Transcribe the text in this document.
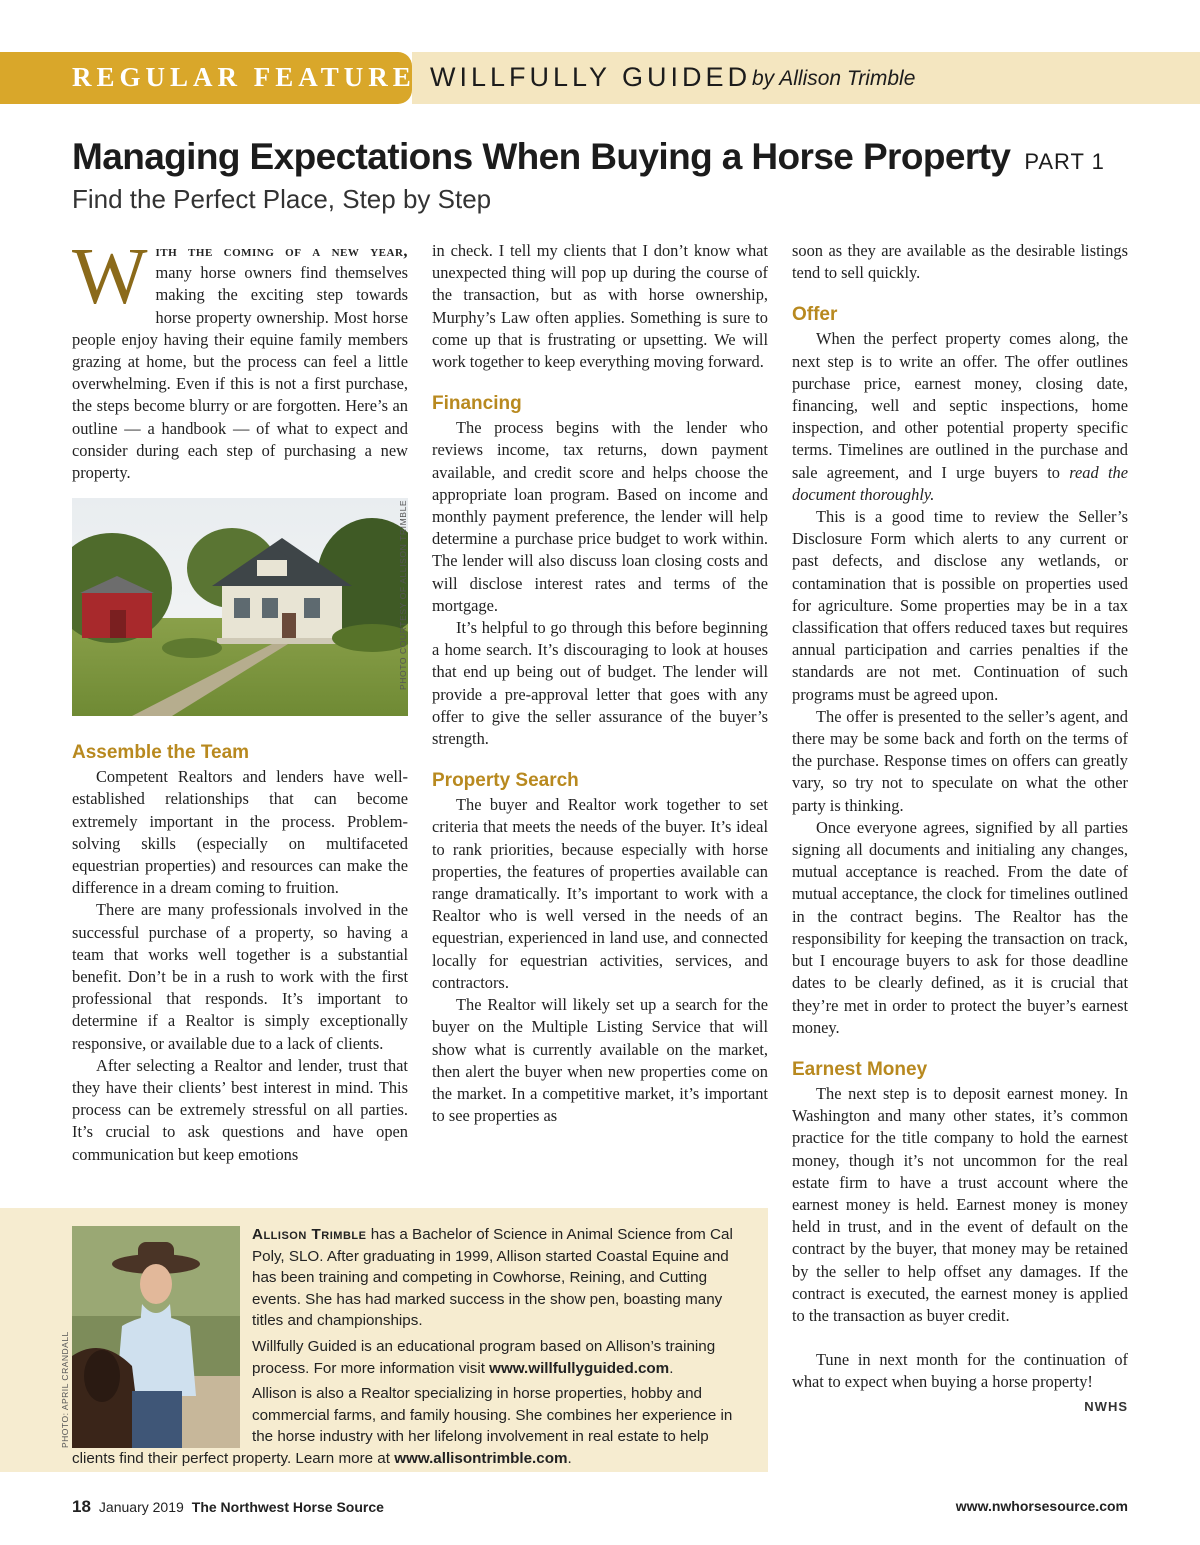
REGULAR FEATURE WILLFULLY GUIDED by Allison Trimble
Managing Expectations When Buying a Horse Property PART 1
Find the Perfect Place, Step by Step

With the coming of a new year, many horse owners find themselves making the exciting step towards horse property ownership. Most horse people enjoy having their equine family members grazing at home, but the process can feel a little overwhelming. Even if this is not a first purchase, the steps become blurry or are forgotten. Here’s an outline — a handbook — of what to expect and consider during each step of purchasing a new property.

Assemble the Team

Competent Realtors and lenders have well-established relationships that can become extremely important in the process. Problem-solving skills (especially on multifaceted equestrian properties) and resources can make the difference in a dream coming to fruition.

There are many professionals involved in the successful purchase of a property, so having a team that works well together is a substantial benefit. Don’t be in a rush to work with the first professional that responds. It’s important to determine if a Realtor is simply exceptionally responsive, or available due to a lack of clients.

After selecting a Realtor and lender, trust that they have their clients’ best interest in mind. This process can be extremely stressful on all parties. It’s crucial to ask questions and have open communication but keep emotions

PHOTO COURTESY OF ALLISON TRIMBLE

in check. I tell my clients that I don’t know what unexpected thing will pop up during the course of the transaction, but as with horse ownership, Murphy’s Law often applies. Something is sure to come up that is frustrating or upsetting. We will work together to keep everything moving forward.

Financing

The process begins with the lender who reviews income, tax returns, down payment available, and credit score and helps choose the appropriate loan program. Based on income and monthly payment preference, the lender will help determine a purchase price budget to work within. The lender will also discuss loan closing costs and will disclose interest rates and terms of the mortgage.

It’s helpful to go through this before beginning a home search. It’s discouraging to look at houses that end up being out of budget. The lender will provide a pre-approval letter that goes with any offer to give the seller assurance of the buyer’s strength.

Property Search

The buyer and Realtor work together to set criteria that meets the needs of the buyer. It’s ideal to rank priorities, because especially with horse properties, the features of properties available can range dramatically. It’s important to work with a Realtor who is well versed in the needs of an equestrian, experienced in land use, and connected locally for equestrian activities, services, and contractors.

The Realtor will likely set up a search for the buyer on the Multiple Listing Service that will show what is currently available on the market, then alert the buyer when new properties come on the market. In a competitive market, it’s important to see properties as

soon as they are available as the desirable listings tend to sell quickly.

Offer

When the perfect property comes along, the next step is to write an offer. The offer outlines purchase price, earnest money, closing date, financing, well and septic inspections, home inspection, and other potential property specific terms. Timelines are outlined in the purchase and sale agreement, and I urge buyers to read the document thoroughly.

This is a good time to review the Seller’s Disclosure Form which alerts to any current or past defects, and disclose any wetlands, or contamination that is possible on properties used for agriculture. Some properties may be in a tax classification that offers reduced taxes but requires annual participation and carries penalties if the standards are not met. Continuation of such programs must be agreed upon.

The offer is presented to the seller’s agent, and there may be some back and forth on the terms of the purchase. Response times on offers can greatly vary, so try not to speculate on what the other party is thinking.

Once everyone agrees, signified by all parties signing all documents and initialing any changes, mutual acceptance is reached. From the date of mutual acceptance, the clock for timelines outlined in the contract begins. The Realtor has the responsibility for keeping the transaction on track, but I encourage buyers to ask for those deadline dates to be clearly defined, as it is crucial that they’re met in order to protect the buyer’s earnest money.

Earnest Money

The next step is to deposit earnest money. In Washington and many other states, it’s common practice for the title company to hold the earnest money, though it’s not uncommon for the real estate firm to have a trust account where the earnest money is held. Earnest money is money held in trust, and in the event of default on the contract by the buyer, that money may be retained by the seller to help offset any damages. If the contract is executed, the earnest money is applied to the transaction as buyer credit.

Tune in next month for the continuation of what to expect when buying a horse property!

NWHS
PHOTO: APRIL CRANDALL

Allison Trimble has a Bachelor of Science in Animal Science from Cal Poly, SLO. After graduating in 1999, Allison started Coastal Equine and has been training and competing in Cowhorse, Reining, and Cutting events. She has had marked success in the show pen, boasting many titles and championships.

Willfully Guided is an educational program based on Allison’s training process. For more information visit www.willfullyguided.com.

Allison is also a Realtor specializing in horse properties, hobby and commercial farms, and family housing. She combines her experience in the horse industry with her lifelong involvement in real estate to help clients find their perfect property. Learn more at www.allisontrimble.com.

18 January 2019 The Northwest Horse Source	www.nwhorsesource.com
